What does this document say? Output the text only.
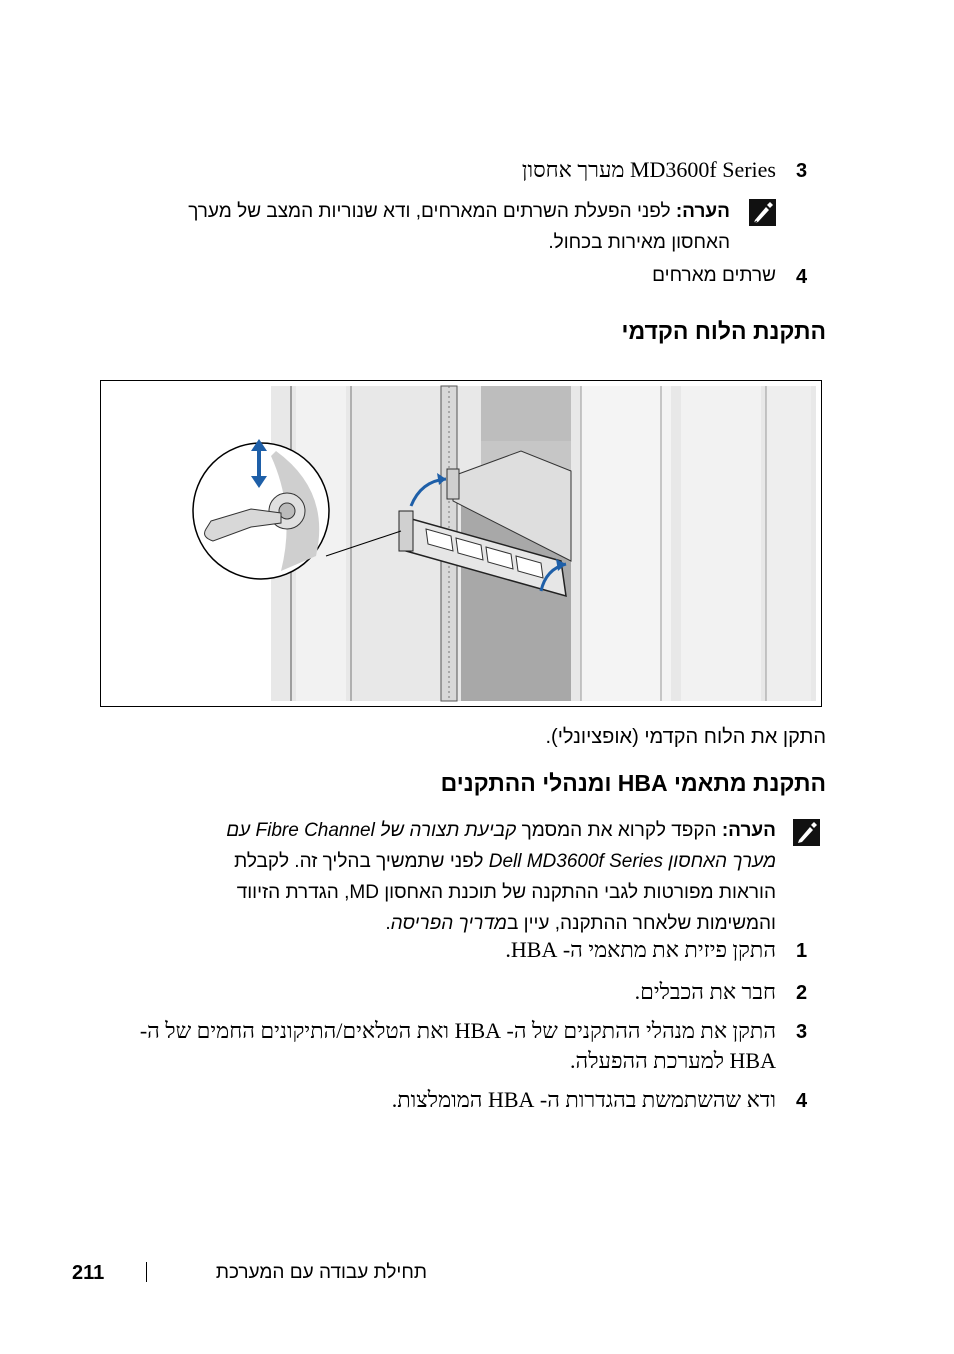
3
MD3600f Series מערך אחסון
הערה: לפני הפעלת השרתים המארחים, ודא שנוריות המצב של מערך
האחסון מאירות בכחול.
4
שרתים מארחים
התקנת הלוח הקדמי
התקן את הלוח הקדמי (אופציונלי).
התקנת מתאמי HBA ומנהלי ההתקנים
הערה: הקפד לקרוא את המסמך קביעת תצורה של Fibre Channel עם
מערך האחסון Dell MD3600f Series לפני שתמשיך בהליך זה. לקבלת
הוראות מפורטות לגבי ההתקנה של תוכנת האחסון MD, הגדרת הזיווד
והמשימות שלאחר ההתקנה, עיין במדריך הפריסה.
1
התקן פיזית את מתאמי ה- HBA.
2
חבר את הכבלים.
3
התקן את מנהלי ההתקנים של ה- HBA ואת הטלאים/התיקונים החמים של ה-
HBA למערכת ההפעלה.
4
ודא שהשתמשת בהגדרות ה- HBA המומלצות.
211	תחילת עבודה עם המערכת
